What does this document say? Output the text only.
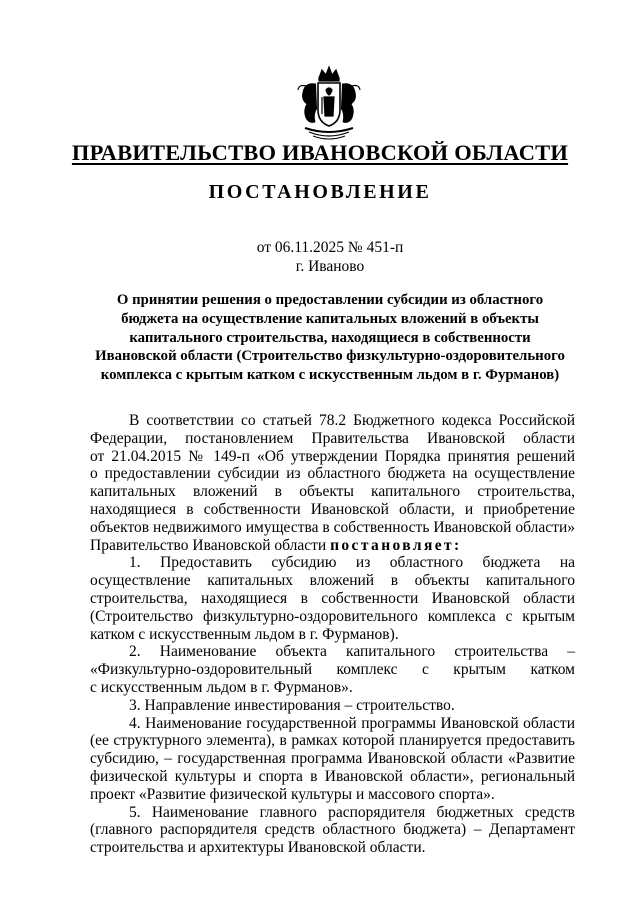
ПРАВИТЕЛЬСТВО ИВАНОВСКОЙ ОБЛАСТИ
ПОСТАНОВЛЕНИЕ
от 06.11.2025 № 451-п
г. Иваново
О принятии решения о предоставлении субсидии из областного
бюджета на осуществление капитальных вложений в объекты
капитального строительства, находящиеся в собственности
Ивановской области (Строительство физкультурно-оздоровительного
комплекса с крытым катком с искусственным льдом в г. Фурманов)
В соответствии со статьей 78.2 Бюджетного кодекса Российской
Федерации, постановлением Правительства Ивановской области
от 21.04.2015 № 149-п «Об утверждении Порядка принятия решений
о предоставлении субсидии из областного бюджета на осуществление
капитальных вложений в объекты капитального строительства,
находящиеся в собственности Ивановской области, и приобретение
объектов недвижимого имущества в собственность Ивановской области»
Правительство Ивановской области постановляет:
1. Предоставить субсидию из областного бюджета на
осуществление капитальных вложений в объекты капитального
строительства, находящиеся в собственности Ивановской области
(Строительство физкультурно-оздоровительного комплекса с крытым
катком с искусственным льдом в г. Фурманов).
2. Наименование объекта капитального строительства –
«Физкультурно-оздоровительный комплекс с крытым катком
с искусственным льдом в г. Фурманов».
3. Направление инвестирования – строительство.
4. Наименование государственной программы Ивановской области
(ее структурного элемента), в рамках которой планируется предоставить
субсидию, – государственная программа Ивановской области «Развитие
физической культуры и спорта в Ивановской области», региональный
проект «Развитие физической культуры и массового спорта».
5. Наименование главного распорядителя бюджетных средств
(главного распорядителя средств областного бюджета) – Департамент
строительства и архитектуры Ивановской области.
